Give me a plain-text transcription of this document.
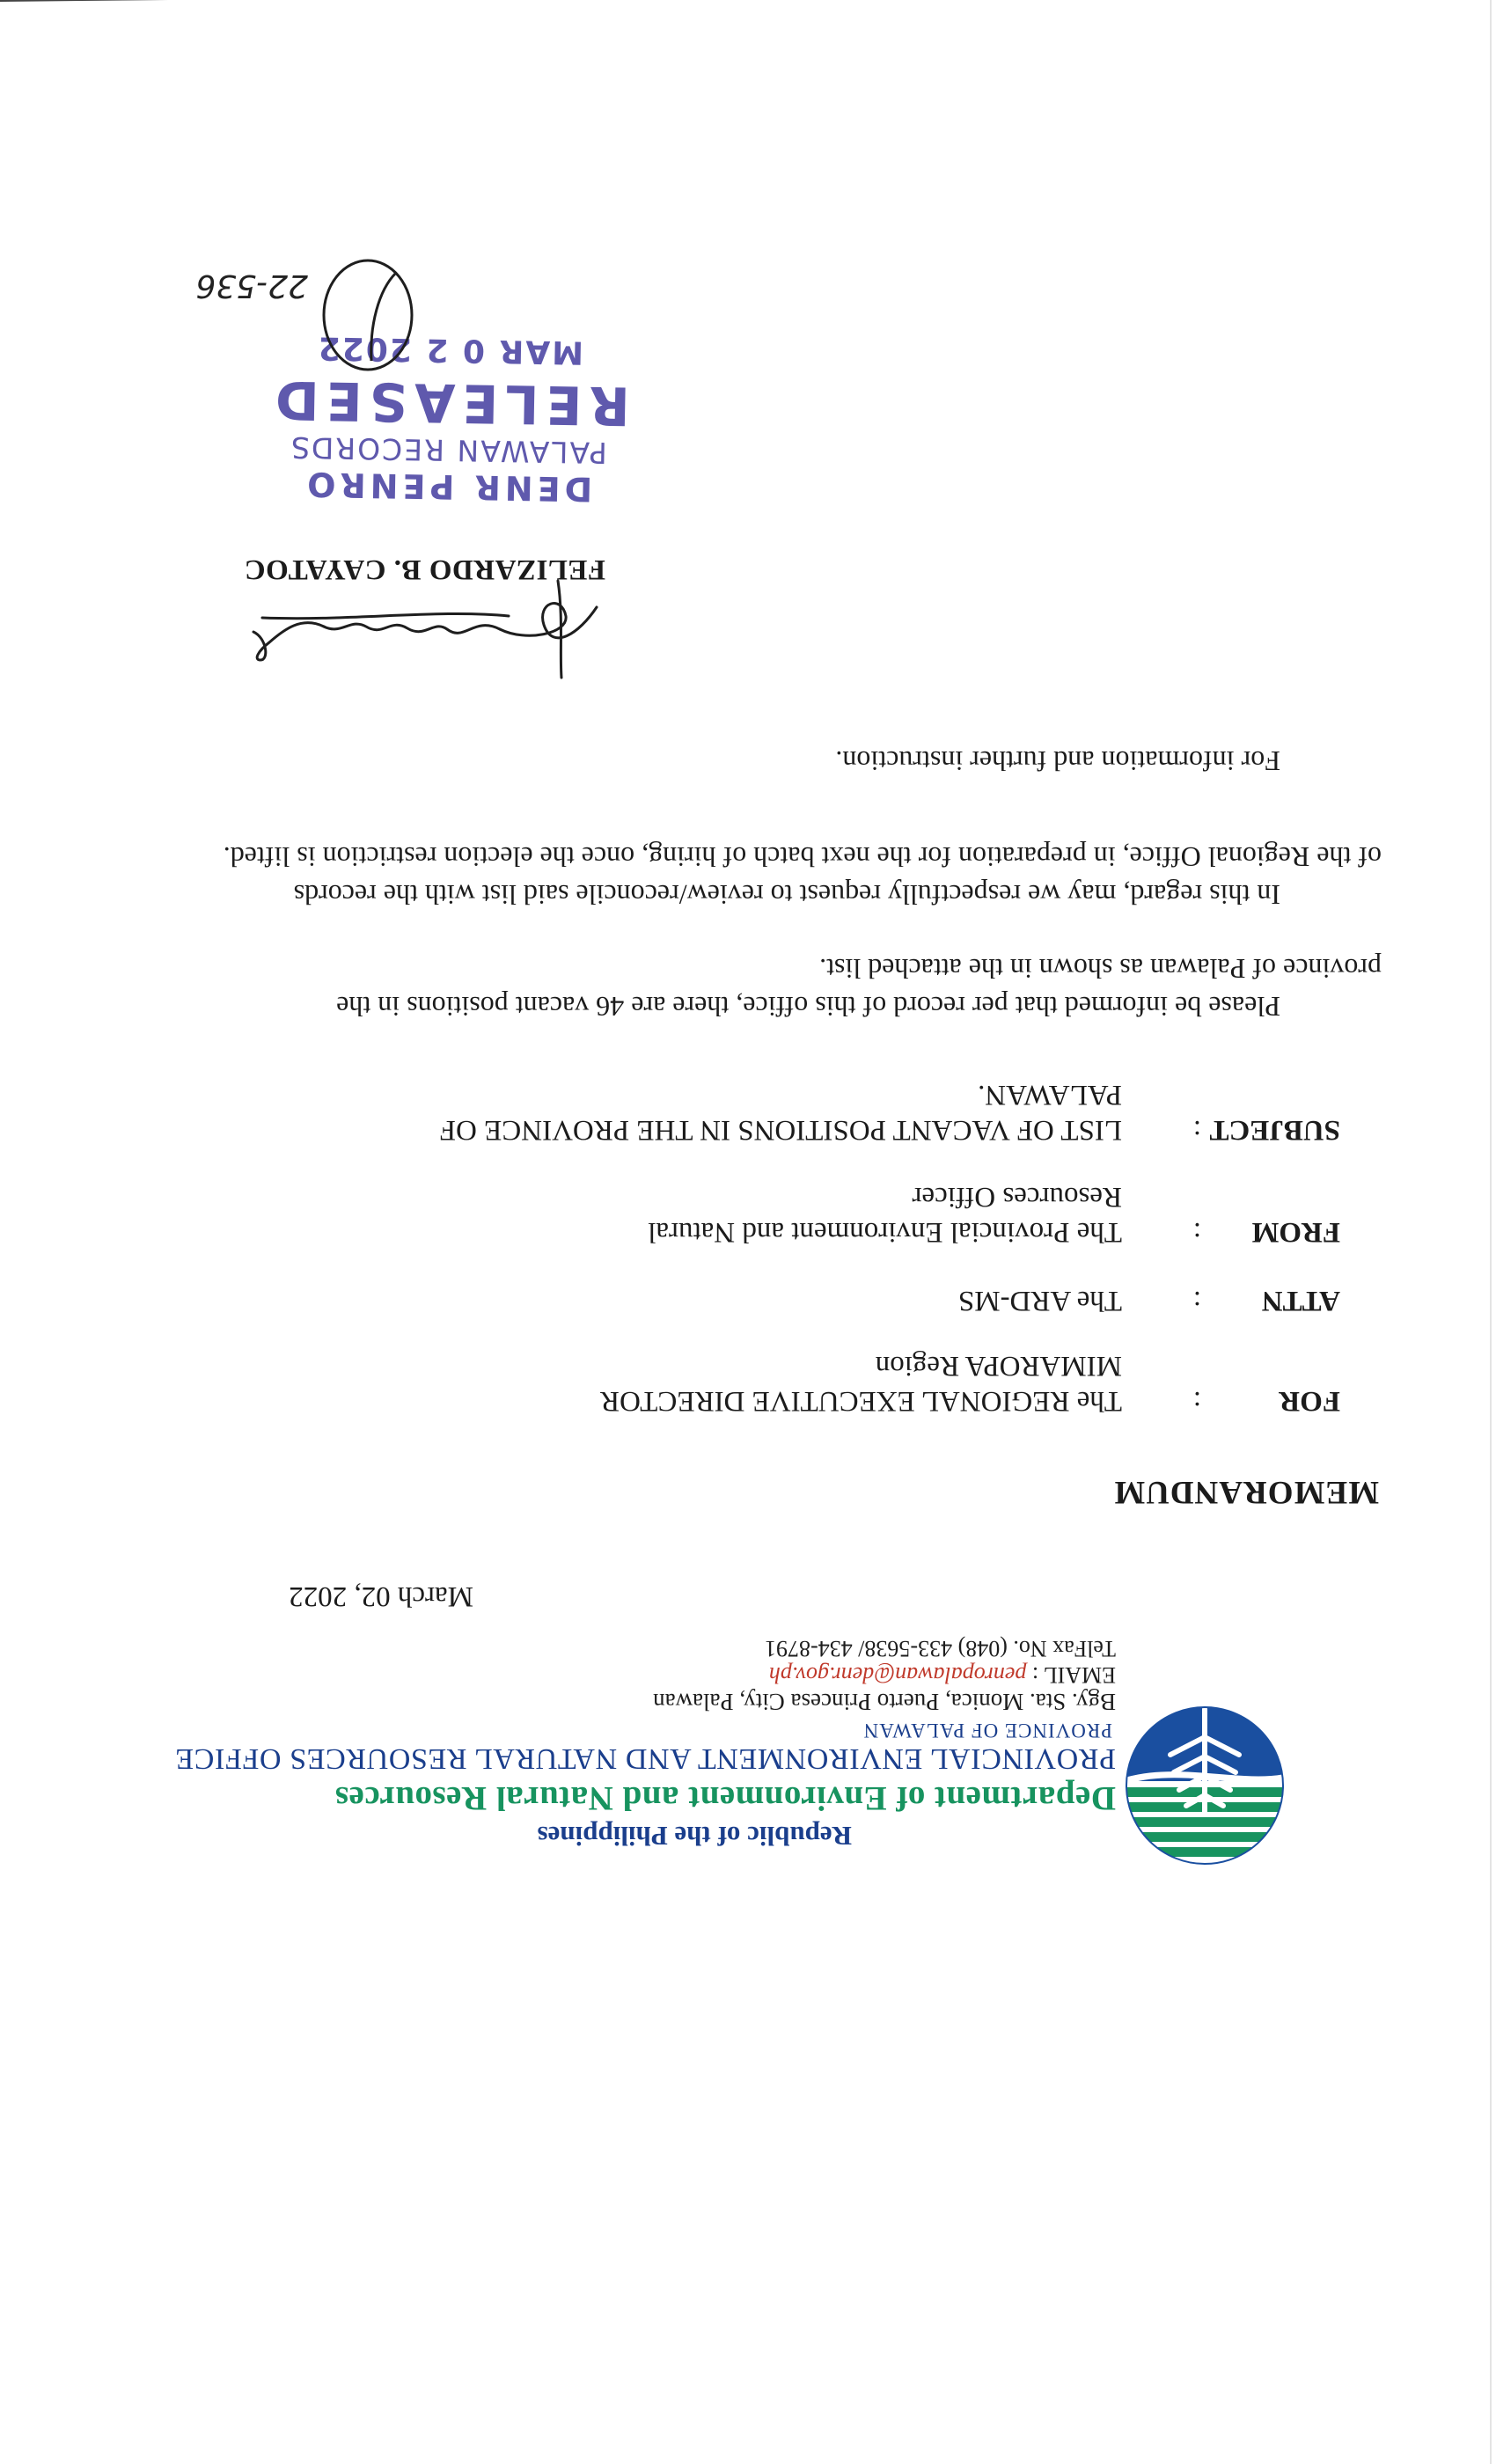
Republic of the Philippines
Department of Environment and Natural Resources
PROVINCIAL ENVIRONMENT AND NATURAL RESOURCES OFFICE
PROVINCE OF PALAWAN
Bgy. Sta. Monica, Puerto Princesa City, Palawan
EMAIL : penropalawan@denr.gov.ph
TelFax No. (048) 433-5638/ 434-8791
March 02, 2022
MEMORANDUM
FOR
:
The REGIONAL EXECUTIVE DIRECTOR
MIMAROPA Region
ATTN
:
The ARD-MS
FROM
:
The Provincial Environment and Natural
Resources Officer
SUBJECT
:
LIST OF VACANT POSITIONS IN THE PROVINCE OF
PALAWAN.
Please be informed that per record of this office, there are 46 vacant positions in the
province of Palawan as shown in the attached list.
In this regard, may we respectfully request to review/reconcile said list with the records
of the Regional Office, in preparation for the next batch of hiring, once the election restriction is lifted.
For information and further instruction.
FELIZARDO B. CAYATOC
DENR PENRO
PALAWAN RECORDS
RELEASED
MAR 0 2 2022
22-536
